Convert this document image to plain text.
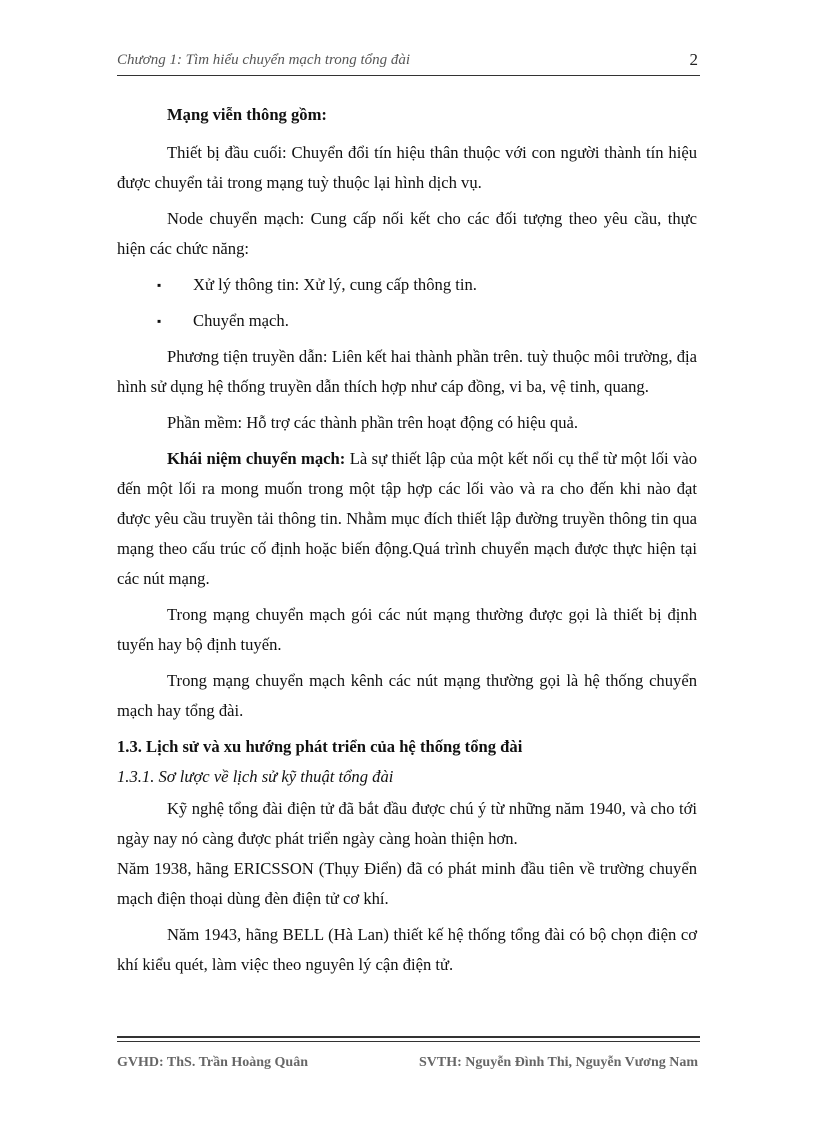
Chương 1: Tìm hiểu chuyển mạch trong tổng đài	2

Mạng viễn thông gồm:

Thiết bị đầu cuối: Chuyển đổi tín hiệu thân thuộc với con người thành tín hiệu được chuyển tải trong mạng tuỳ thuộc lại hình dịch vụ.

Node chuyển mạch: Cung cấp nối kết cho các đối tượng theo yêu cầu, thực hiện các chức năng:

▪ Xử lý thông tin: Xử lý, cung cấp thông tin.
▪ Chuyển mạch.

Phương tiện truyền dẫn: Liên kết hai thành phần trên. tuỳ thuộc môi trường, địa hình sử dụng hệ thống truyền dẫn thích hợp như cáp đồng, vi ba, vệ tinh, quang.

Phần mềm: Hỗ trợ các thành phần trên hoạt động có hiệu quả.

Khái niệm chuyển mạch: Là sự thiết lập của một kết nối cụ thể từ một lối vào đến một lối ra mong muốn trong một tập hợp các lối vào và ra cho đến khi nào đạt được yêu cầu truyền tải thông tin. Nhằm mục đích thiết lập đường truyền thông tin qua mạng theo cấu trúc cố định hoặc biến động.Quá trình chuyển mạch được thực hiện tại các nút mạng.

Trong mạng chuyển mạch gói các nút mạng thường được gọi là thiết bị định tuyến hay bộ định tuyến.

Trong mạng chuyển mạch kênh các nút mạng thường gọi là hệ thống chuyển mạch hay tổng đài.

1.3. Lịch sử và xu hướng phát triển của hệ thống tổng đài

1.3.1. Sơ lược về lịch sử kỹ thuật tổng đài

Kỹ nghệ tổng đài điện tử đã bắt đầu được chú ý từ những năm 1940, và cho tới ngày nay nó càng được phát triển ngày càng hoàn thiện hơn.

Năm 1938, hãng ERICSSON (Thụy Điển) đã có phát minh đầu tiên về trường chuyển mạch điện thoại dùng đèn điện tử cơ khí.

Năm 1943, hãng BELL (Hà Lan) thiết kế hệ thống tổng đài có bộ chọn điện cơ khí kiểu quét, làm việc theo nguyên lý cận điện tử.

GVHD: ThS. Trần Hoàng Quân	SVTH: Nguyễn Đình Thi, Nguyễn Vương Nam
